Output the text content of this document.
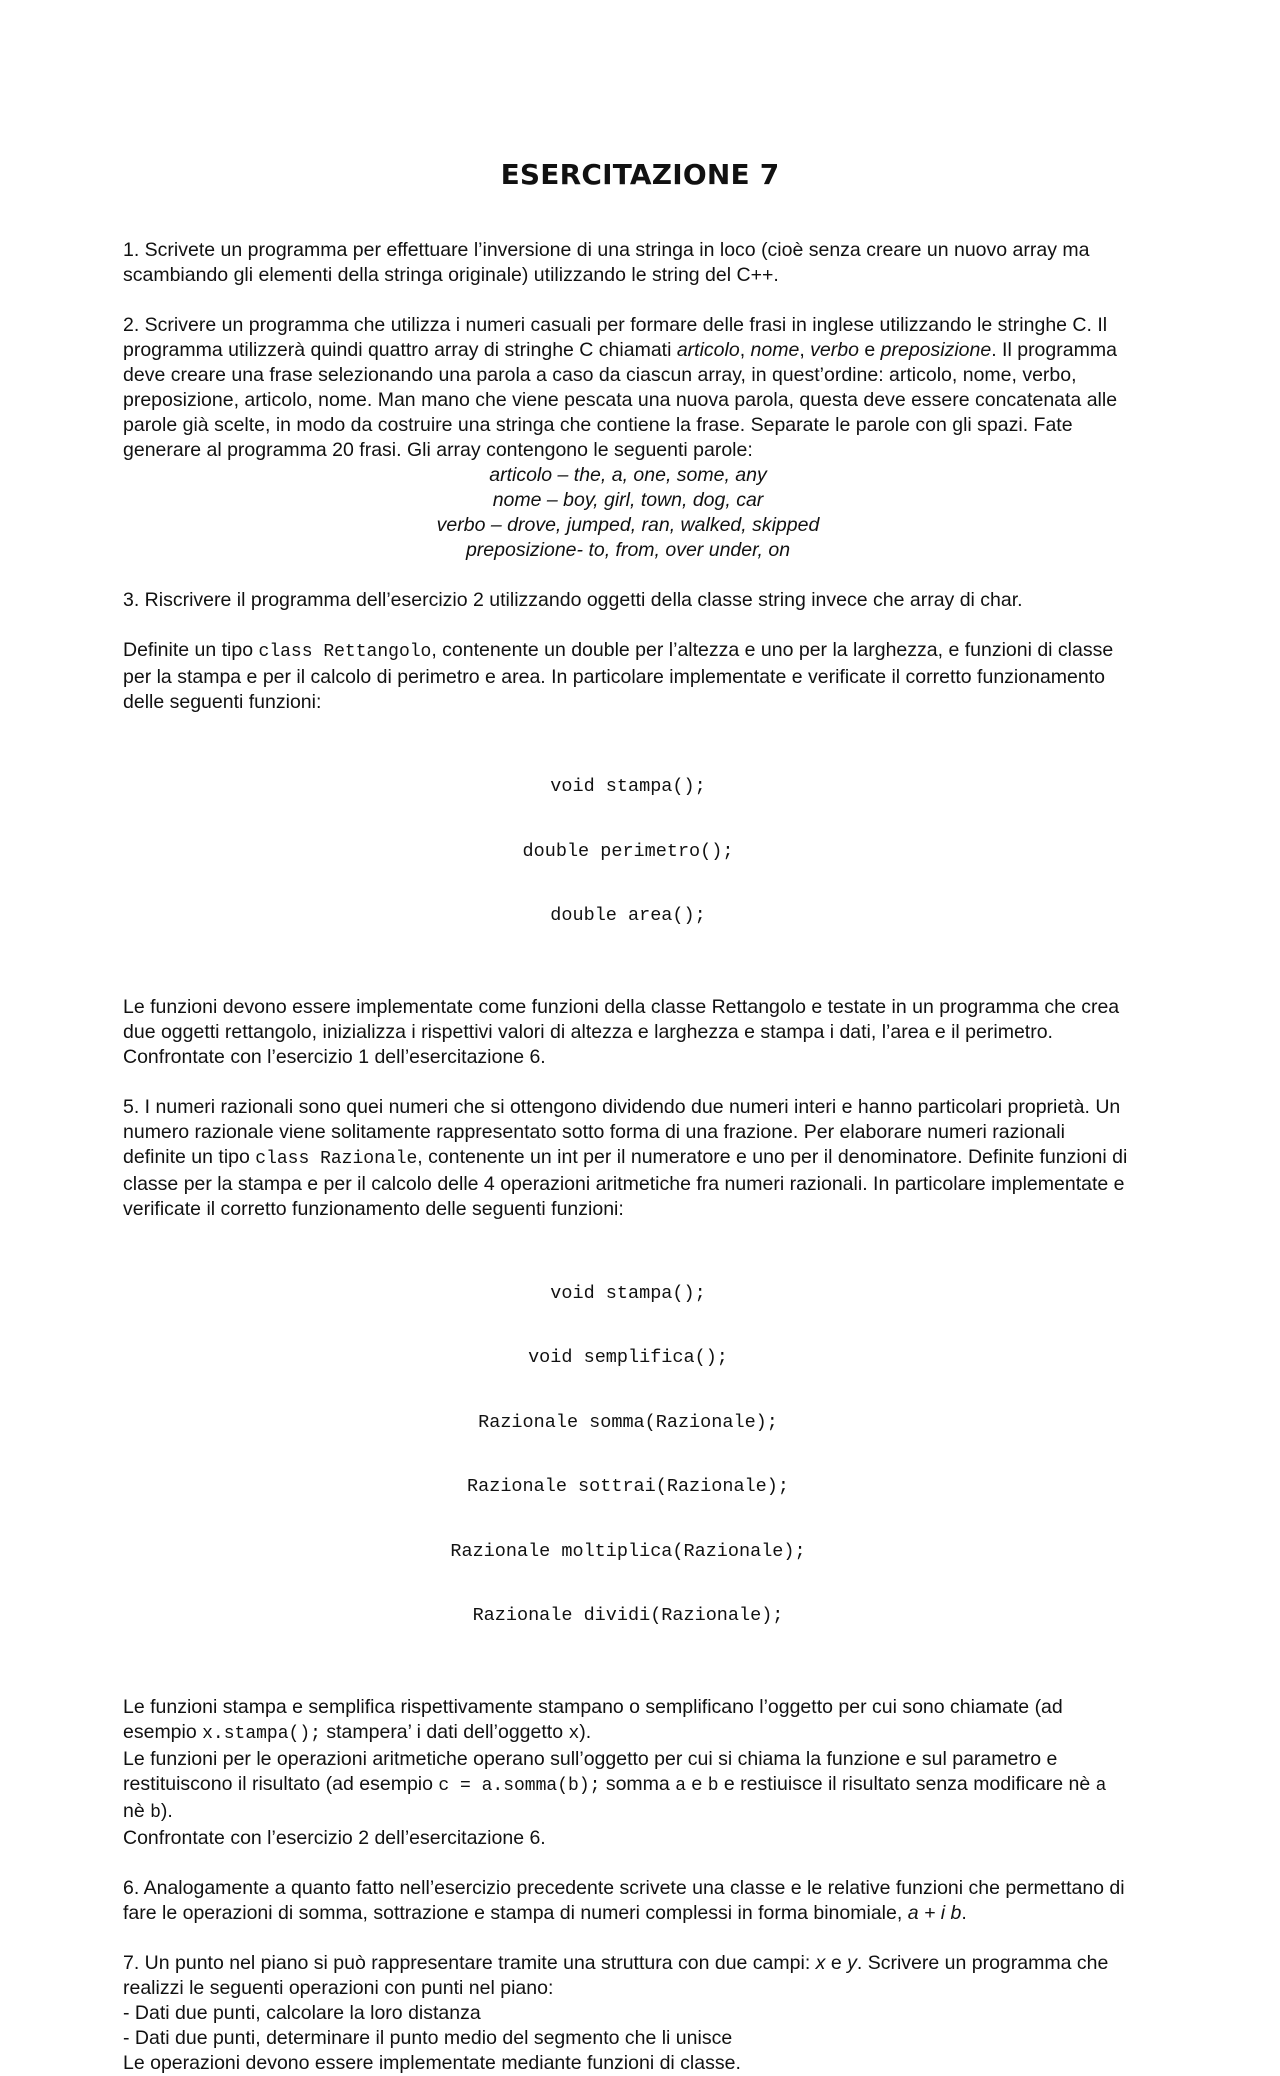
ESERCITAZIONE 7

1. Scrivete un programma per effettuare l’inversione di una stringa in loco (cioè senza creare un nuovo array ma scambiando gli elementi della stringa originale) utilizzando le string del C++.

2. Scrivere un programma che utilizza i numeri casuali per formare delle frasi in inglese utilizzando le stringhe C. Il programma utilizzerà quindi quattro array di stringhe C chiamati articolo, nome, verbo e preposizione. Il programma deve creare una frase selezionando una parola a caso da ciascun array, in quest’ordine: articolo, nome, verbo, preposizione, articolo, nome. Man mano che viene pescata una nuova parola, questa deve essere concatenata alle parole già scelte, in modo da costruire una stringa che contiene la frase. Separate le parole con gli spazi. Fate generare al programma 20 frasi. Gli array contengono le seguenti parole:

articolo – the, a, one, some, any

nome – boy, girl, town, dog, car

verbo – drove, jumped, ran, walked, skipped

preposizione- to, from, over under, on

3. Riscrivere il programma dell’esercizio 2 utilizzando oggetti della classe string invece che array di char.

Definite un tipo class Rettangolo, contenente un double per l’altezza e uno per la larghezza, e funzioni di classe per la stampa e per il calcolo di perimetro e area. In particolare implementate e verificate il corretto funzionamento delle seguenti funzioni:

void stampa();

double perimetro();

double area();

Le funzioni devono essere implementate come funzioni della classe Rettangolo e testate in un programma che crea due oggetti rettangolo, inizializza i rispettivi valori di altezza e larghezza e stampa i dati, l’area e il perimetro. Confrontate con l’esercizio 1 dell’esercitazione 6.

5. I numeri razionali sono quei numeri che si ottengono dividendo due numeri interi e hanno particolari proprietà. Un numero razionale viene solitamente rappresentato sotto forma di una frazione. Per elaborare numeri razionali definite un tipo class Razionale, contenente un int per il numeratore e uno per il denominatore. Definite funzioni di classe per la stampa e per il calcolo delle 4 operazioni aritmetiche fra numeri razionali. In particolare implementate e verificate il corretto funzionamento delle seguenti funzioni:

void stampa();

void semplifica();

Razionale somma(Razionale);

Razionale sottrai(Razionale);

Razionale moltiplica(Razionale);

Razionale dividi(Razionale);

Le funzioni stampa e semplifica rispettivamente stampano o semplificano l’oggetto per cui sono chiamate (ad esempio x.stampa(); stampera’ i dati dell’oggetto x).

Le funzioni per le operazioni aritmetiche operano sull’oggetto per cui si chiama la funzione e sul parametro e restituiscono il risultato (ad esempio c = a.somma(b); somma a e b e restiuisce il risultato senza modificare nè a nè b).

Confrontate con l’esercizio 2 dell’esercitazione 6.

6. Analogamente a quanto fatto nell’esercizio precedente scrivete una classe e le relative funzioni che permettano di fare le operazioni di somma, sottrazione e stampa di numeri complessi in forma binomiale, a + i b.

7. Un punto nel piano si può rappresentare tramite una struttura con due campi: x e y. Scrivere un programma che realizzi le seguenti operazioni con punti nel piano:

- Dati due punti, calcolare la loro distanza

- Dati due punti, determinare il punto medio del segmento che li unisce

Le operazioni devono essere implementate mediante funzioni di classe.
